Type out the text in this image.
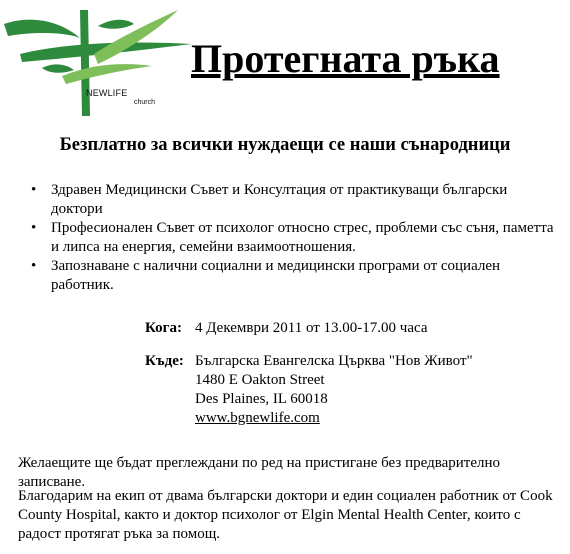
NEWLIFE
church
Протегната ръка
Безплатно за всички нуждаещи се наши сънародници
• Здравен Медицински Съвет и Консултация от практикуващи български доктори
• Професионален Съвет от психолог относно стрес, проблеми със съня, паметта и липса на енергия, семейни взаимоотношения.
• Запознаване с налични социални и медицински програми от социален работник.
Кога: 4 Декември 2011 от 13.00-17.00 часа
Къде: Българска Евангелска Църква "Нов Живот"
1480 E Oakton Street
Des Plaines, IL 60018
www.bgnewlife.com

Желаещите ще бъдат преглеждани по ред на пристигане без предварително записване.

Благодарим на екип от двама български доктори и един социален работник от Cook County Hospital, както и доктор психолог от Elgin Mental Health Center, които с радост протягат ръка за помощ.
